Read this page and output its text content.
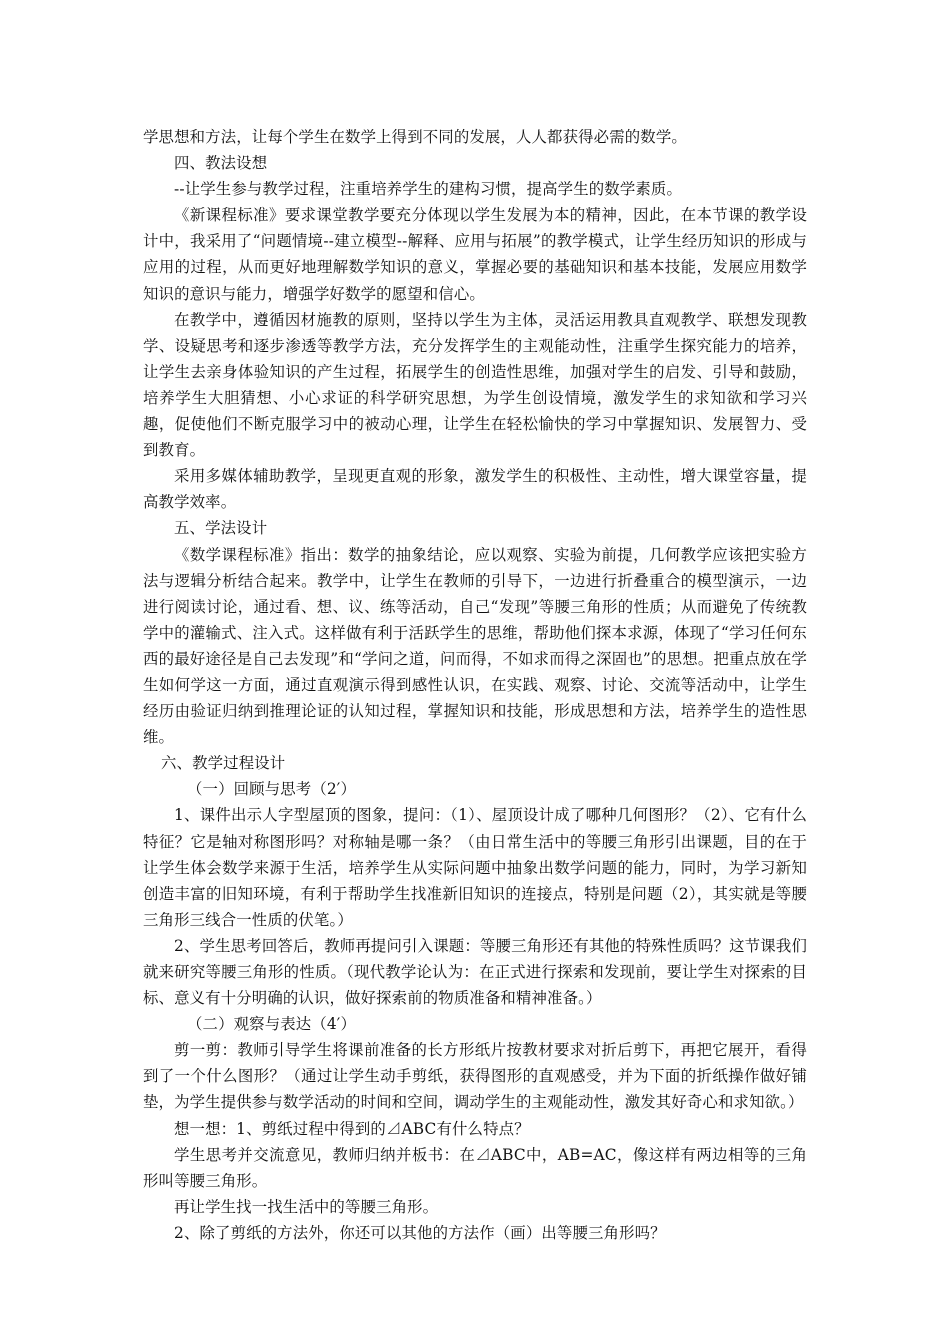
学思想和方法，让每个学生在数学上得到不同的发展，人人都获得必需的数学。

四、教法设想

--让学生参与教学过程，注重培养学生的建构习惯，提高学生的数学素质。

《新课程标准》要求课堂教学要充分体现以学生发展为本的精神，因此，在本节课的教学设计中，我采用了“问题情境--建立模型--解释、应用与拓展”的教学模式，让学生经历知识的形成与应用的过程，从而更好地理解数学知识的意义，掌握必要的基础知识和基本技能，发展应用数学知识的意识与能力，增强学好数学的愿望和信心。

在教学中，遵循因材施教的原则，坚持以学生为主体，灵活运用教具直观教学、联想发现教学、设疑思考和逐步渗透等教学方法，充分发挥学生的主观能动性，注重学生探究能力的培养，让学生去亲身体验知识的产生过程，拓展学生的创造性思维，加强对学生的启发、引导和鼓励，培养学生大胆猜想、小心求证的科学研究思想，为学生创设情境，激发学生的求知欲和学习兴趣，促使他们不断克服学习中的被动心理，让学生在轻松愉快的学习中掌握知识、发展智力、受到教育。

采用多媒体辅助教学，呈现更直观的形象，激发学生的积极性、主动性，增大课堂容量，提高教学效率。

五、学法设计

《数学课程标准》指出：数学的抽象结论，应以观察、实验为前提，几何教学应该把实验方法与逻辑分析结合起来。教学中，让学生在教师的引导下，一边进行折叠重合的模型演示，一边进行阅读讨论，通过看、想、议、练等活动，自己“发现”等腰三角形的性质；从而避免了传统教学中的灌输式、注入式。这样做有利于活跃学生的思维，帮助他们探本求源，体现了“学习任何东西的最好途径是自己去发现”和“学问之道，问而得，不如求而得之深固也”的思想。把重点放在学生如何学这一方面，通过直观演示得到感性认识，在实践、观察、讨论、交流等活动中，让学生经历由验证归纳到推理论证的认知过程，掌握知识和技能，形成思想和方法，培养学生的造性思维。

六、教学过程设计

（一）回顾与思考（2′）

1、课件出示人字型屋顶的图象，提问：（1）、屋顶设计成了哪种几何图形？（2）、它有什么特征？它是轴对称图形吗？对称轴是哪一条？（由日常生活中的等腰三角形引出课题，目的在于让学生体会数学来源于生活，培养学生从实际问题中抽象出数学问题的能力，同时，为学习新知创造丰富的旧知环境，有利于帮助学生找准新旧知识的连接点，特别是问题（2），其实就是等腰三角形三线合一性质的伏笔。）

2、学生思考回答后，教师再提问引入课题：等腰三角形还有其他的特殊性质吗？这节课我们就来研究等腰三角形的性质。（现代教学论认为：在正式进行探索和发现前，要让学生对探索的目标、意义有十分明确的认识，做好探索前的物质准备和精神准备。）

（二）观察与表达（4′）

剪一剪：教师引导学生将课前准备的长方形纸片按教材要求对折后剪下，再把它展开，看得到了一个什么图形？（通过让学生动手剪纸，获得图形的直观感受，并为下面的折纸操作做好铺垫，为学生提供参与数学活动的时间和空间，调动学生的主观能动性，激发其好奇心和求知欲。）

想一想：1、剪纸过程中得到的⊿ABC有什么特点？

学生思考并交流意见，教师归纳并板书：在⊿ABC中，AB=AC，像这样有两边相等的三角形叫等腰三角形。

再让学生找一找生活中的等腰三角形。

2、除了剪纸的方法外，你还可以其他的方法作（画）出等腰三角形吗？
